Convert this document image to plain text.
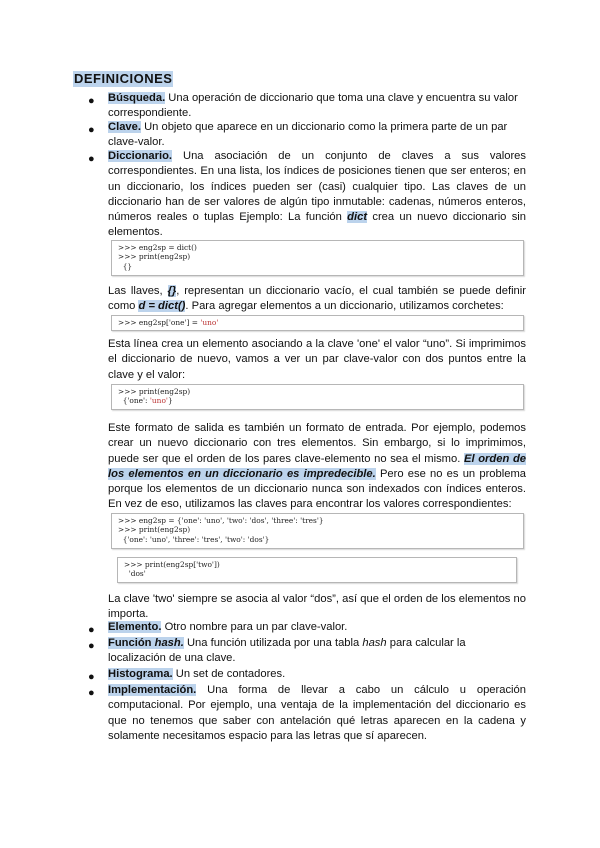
DEFINICIONES
● Búsqueda. Una operación de diccionario que toma una clave y encuentra su valor correspondiente.
● Clave. Un objeto que aparece en un diccionario como la primera parte de un par clave-valor.
● Diccionario. Una asociación de un conjunto de claves a sus valores correspondientes. En una lista, los índices de posiciones tienen que ser enteros; en un diccionario, los índices pueden ser (casi) cualquier tipo. Las claves de un diccionario han de ser valores de algún tipo inmutable: cadenas, números enteros, números reales o tuplas Ejemplo: La función dict crea un nuevo diccionario sin elementos.
>>> eng2sp = dict()
>>> print(eng2sp)
{}
Las llaves, {}, representan un diccionario vacío, el cual también se puede definir como d = dict(). Para agregar elementos a un diccionario, utilizamos corchetes:
>>> eng2sp['one'] = 'uno'
Esta línea crea un elemento asociando a la clave 'one' el valor “uno”. Si imprimimos el diccionario de nuevo, vamos a ver un par clave-valor con dos puntos entre la clave y el valor:
>>> print(eng2sp)
{'one': 'uno'}
Este formato de salida es también un formato de entrada. Por ejemplo, podemos crear un nuevo diccionario con tres elementos. Sin embargo, si lo imprimimos, puede ser que el orden de los pares clave-elemento no sea el mismo. El orden de los elementos en un diccionario es impredecible. Pero ese no es un problema porque los elementos de un diccionario nunca son indexados con índices enteros. En vez de eso, utilizamos las claves para encontrar los valores correspondientes:
>>> eng2sp = {'one': 'uno', 'two': 'dos', 'three': 'tres'}
>>> print(eng2sp)
{'one': 'uno', 'three': 'tres', 'two': 'dos'}
>>> print(eng2sp['two'])
'dos'
La clave 'two' siempre se asocia al valor “dos”, así que el orden de los elementos no importa.
● Elemento. Otro nombre para un par clave-valor.
● Función hash. Una función utilizada por una tabla hash para calcular la localización de una clave.
● Histograma. Un set de contadores.
● Implementación. Una forma de llevar a cabo un cálculo u operación computacional. Por ejemplo, una ventaja de la implementación del diccionario es que no tenemos que saber con antelación qué letras aparecen en la cadena y solamente necesitamos espacio para las letras que sí aparecen.
